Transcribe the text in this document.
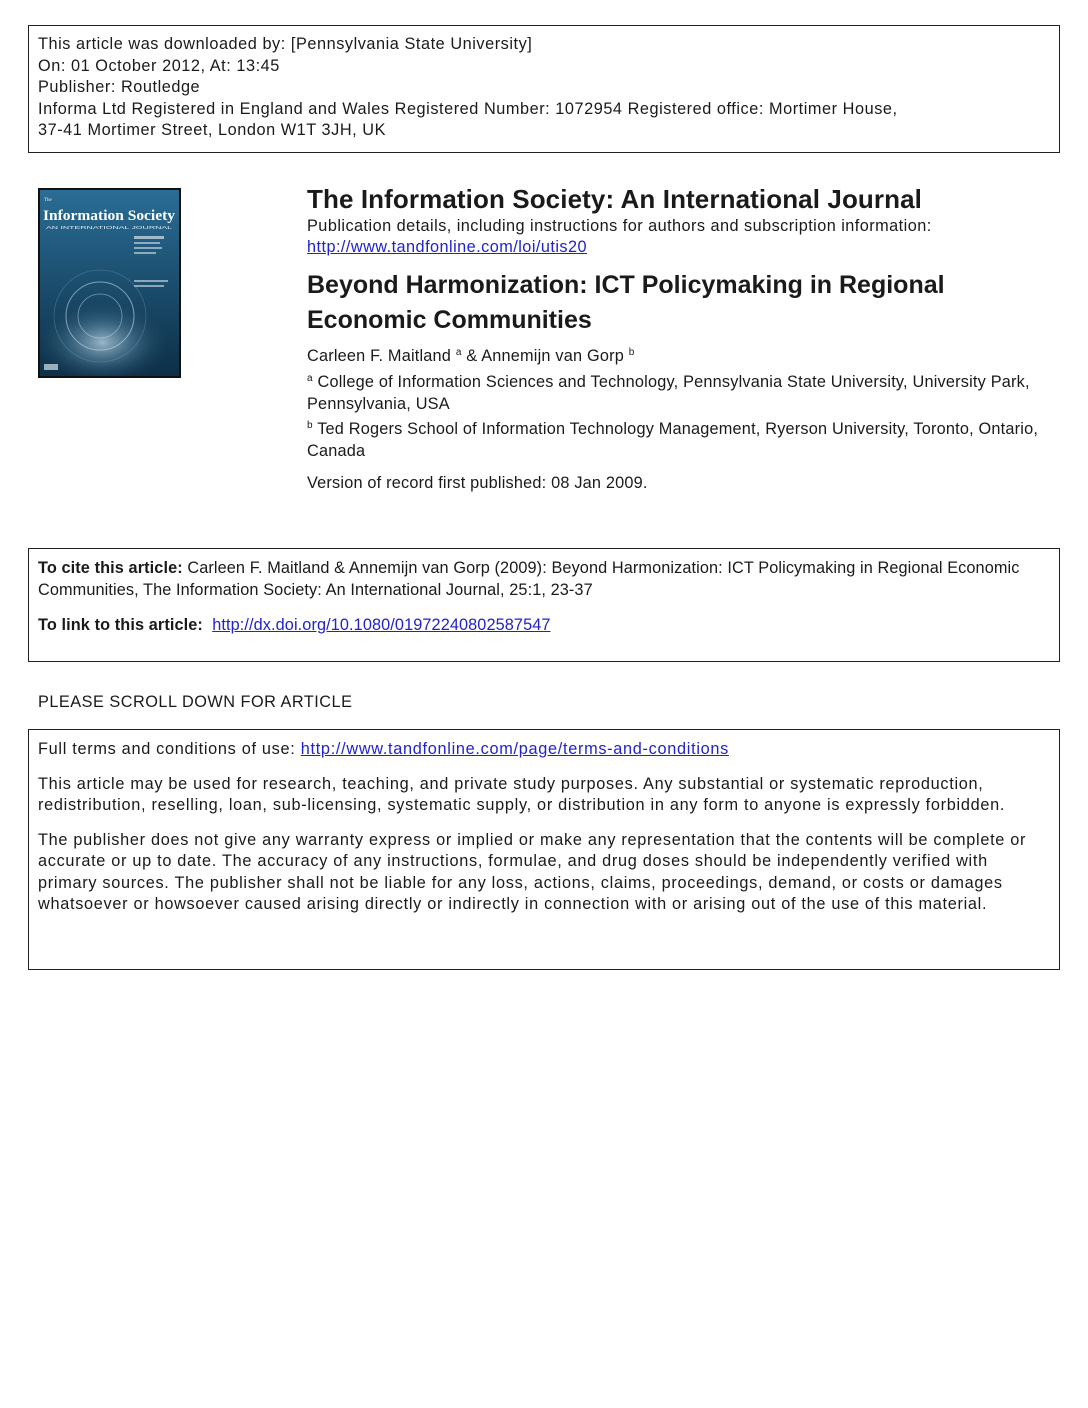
This article was downloaded by: [Pennsylvania State University]
On: 01 October 2012, At: 13:45
Publisher: Routledge
Informa Ltd Registered in England and Wales Registered Number: 1072954 Registered office: Mortimer House,
37-41 Mortimer Street, London W1T 3JH, UK
The
Information Society
AN INTERNATIONAL JOURNAL
The Information Society: An International Journal
Publication details, including instructions for authors and subscription information:
http://www.tandfonline.com/loi/utis20
Beyond Harmonization: ICT Policymaking in Regional Economic Communities
Carleen F. Maitland $^a$ & Annemijn van Gorp $^b$
$^a$ College of Information Sciences and Technology, Pennsylvania State University, University Park, Pennsylvania, USA
$^b$ Ted Rogers School of Information Technology Management, Ryerson University, Toronto, Ontario, Canada
Version of record first published: 08 Jan 2009.
To cite this article: Carleen F. Maitland & Annemijn van Gorp (2009): Beyond Harmonization: ICT Policymaking in Regional Economic Communities, The Information Society: An International Journal, 25:1, 23-37
To link to this article: http://dx.doi.org/10.1080/01972240802587547
PLEASE SCROLL DOWN FOR ARTICLE

Full terms and conditions of use: http://www.tandfonline.com/page/terms-and-conditions

This article may be used for research, teaching, and private study purposes. Any substantial or systematic reproduction, redistribution, reselling, loan, sub-licensing, systematic supply, or distribution in any form to anyone is expressly forbidden.

The publisher does not give any warranty express or implied or make any representation that the contents will be complete or accurate or up to date. The accuracy of any instructions, formulae, and drug doses should be independently verified with primary sources. The publisher shall not be liable for any loss, actions, claims, proceedings, demand, or costs or damages whatsoever or howsoever caused arising directly or indirectly in connection with or arising out of the use of this material.
